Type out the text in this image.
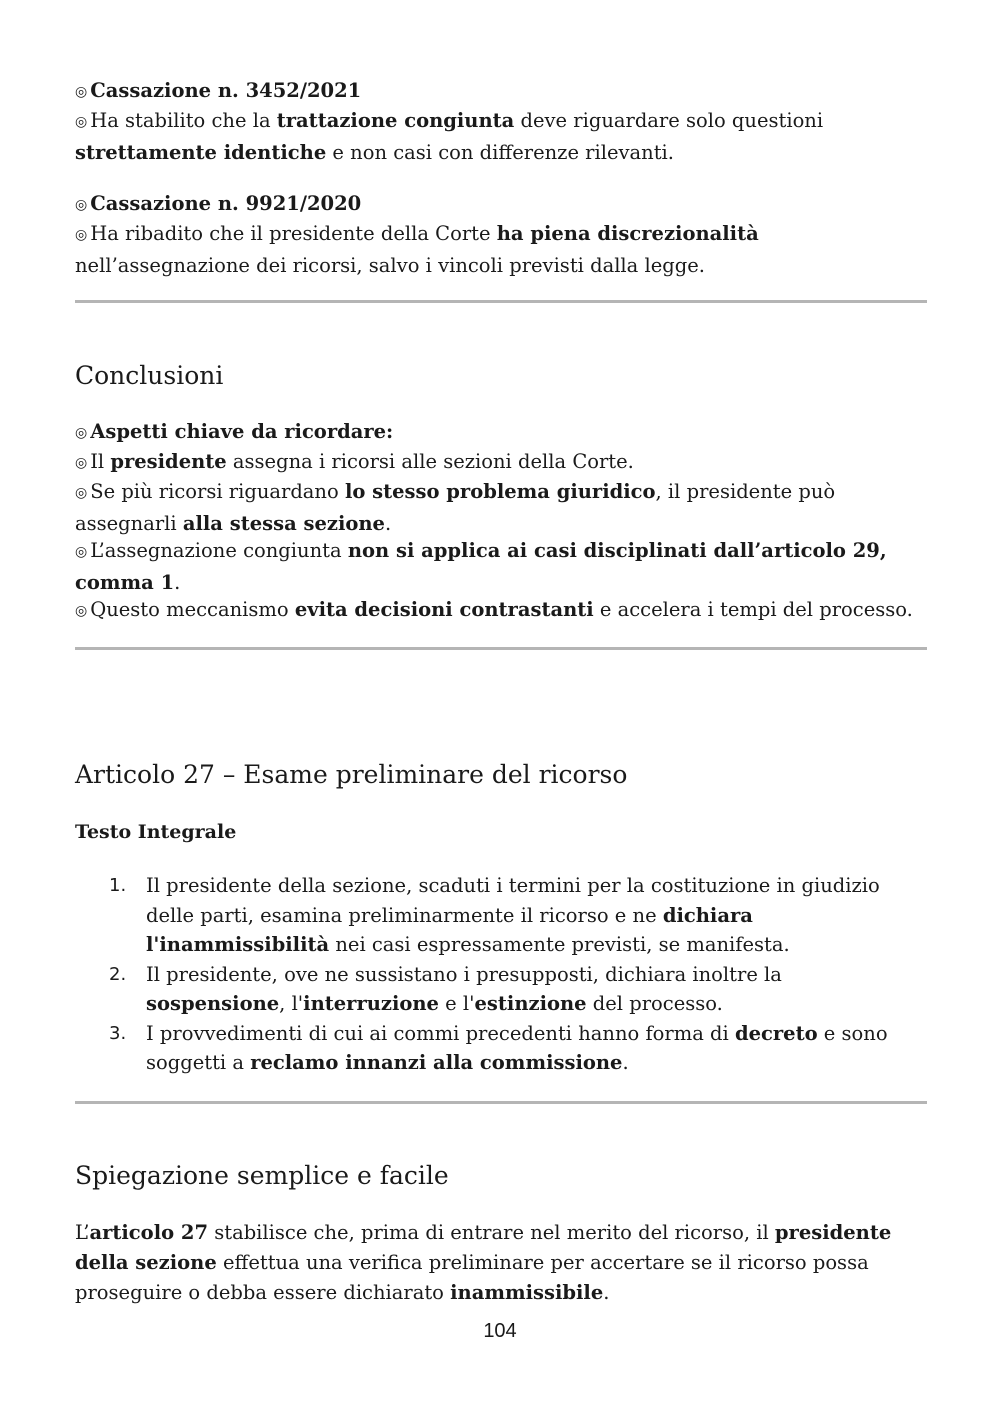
◎ Cassazione n. 3452/2021
◎ Ha stabilito che la trattazione congiunta deve riguardare solo questioni strettamente identiche e non casi con differenze rilevanti.
◎ Cassazione n. 9921/2020
◎ Ha ribadito che il presidente della Corte ha piena discrezionalità nell’assegnazione dei ricorsi, salvo i vincoli previsti dalla legge.
Conclusioni
◎ Aspetti chiave da ricordare:
◎ Il presidente assegna i ricorsi alle sezioni della Corte.
◎ Se più ricorsi riguardano lo stesso problema giuridico, il presidente può assegnarli alla stessa sezione.
◎ L’assegnazione congiunta non si applica ai casi disciplinati dall’articolo 29, comma 1.
◎ Questo meccanismo evita decisioni contrastanti e accelera i tempi del processo.
Articolo 27 – Esame preliminare del ricorso
Testo Integrale
1. Il presidente della sezione, scaduti i termini per la costituzione in giudizio delle parti, esamina preliminarmente il ricorso e ne dichiara l'inammissibilità nei casi espressamente previsti, se manifesta.
2. Il presidente, ove ne sussistano i presupposti, dichiara inoltre la sospensione, l'interruzione e l'estinzione del processo.
3. I provvedimenti di cui ai commi precedenti hanno forma di decreto e sono soggetti a reclamo innanzi alla commissione.
Spiegazione semplice e facile
L’articolo 27 stabilisce che, prima di entrare nel merito del ricorso, il presidente della sezione effettua una verifica preliminare per accertare se il ricorso possa proseguire o debba essere dichiarato inammissibile.
104
